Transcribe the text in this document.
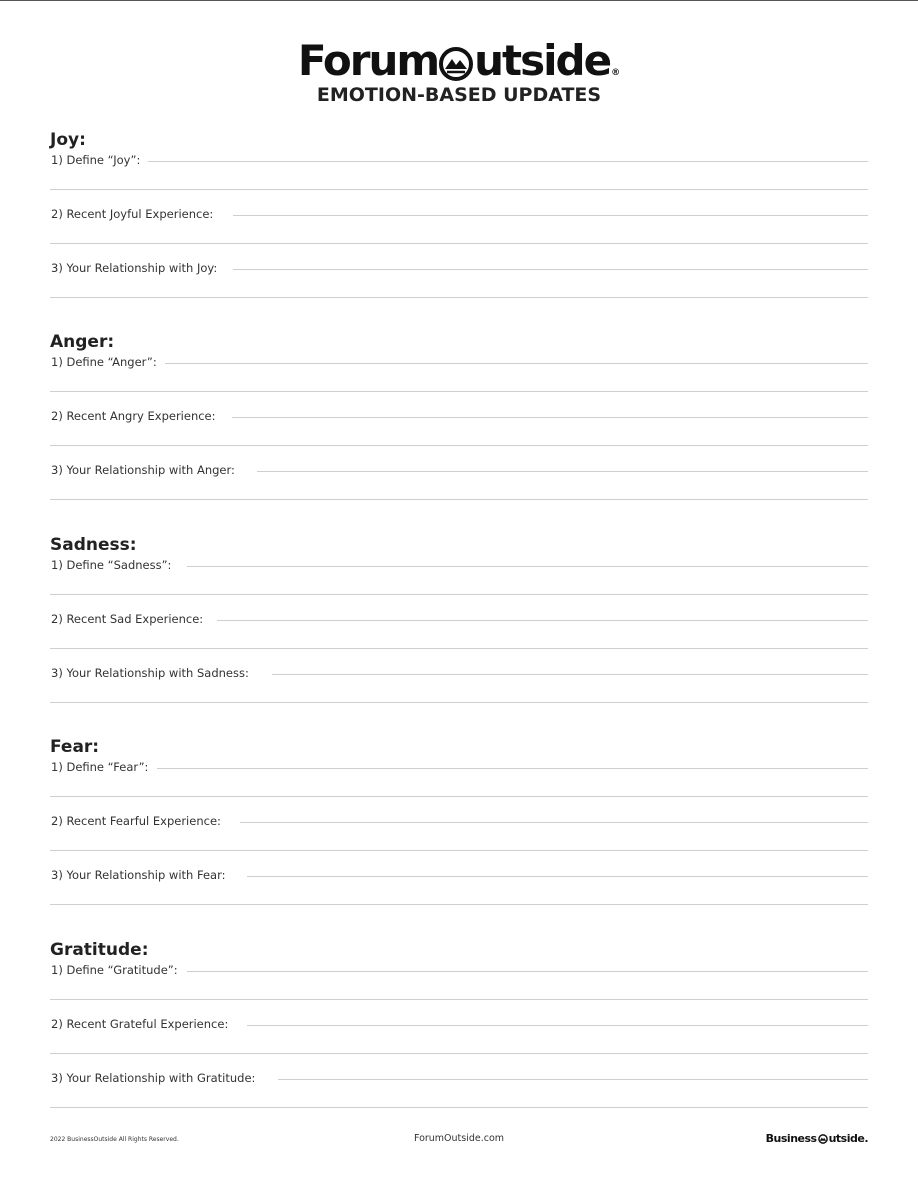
Forum utside ®
EMOTION-BASED UPDATES
Joy:
1) Define “Joy”:
2) Recent Joyful Experience:
3) Your Relationship with Joy:
Anger:
1) Define “Anger”:
2) Recent Angry Experience:
3) Your Relationship with Anger:
Sadness:
1) Define “Sadness”:
2) Recent Sad Experience:
3) Your Relationship with Sadness:
Fear:
1) Define “Fear”:
2) Recent Fearful Experience:
3) Your Relationship with Fear:
Gratitude:
1) Define “Gratitude”:
2) Recent Grateful Experience:
3) Your Relationship with Gratitude:
2022 BusinessOutside All Rights Reserved.	ForumOutside.com	Business utside.
